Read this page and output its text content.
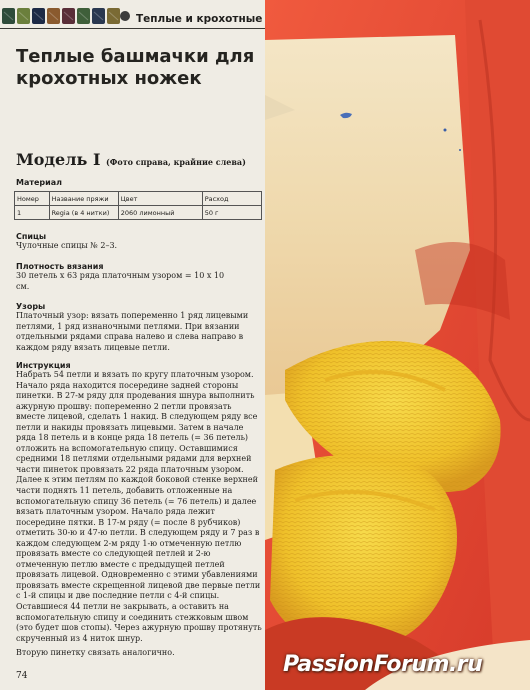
Теплые и крохотные
Теплые башмачки для крохотных ножек

Модель I (Фото справа, крайние слева)

Материал

Номер	Название пряжи	Цвет	Расход
1	Regia (в 4 нитки)	2060 лимонный	50 г

Спицы

Чулочные спицы № 2–3.

Плотность вязания

30 петель х 63 ряда платочным узором = 10 х 10 см.

Узоры

Платочный узор: вязать попеременно 1 ряд лицевыми петлями, 1 ряд изнаночными петлями. При вязании отдельными рядами справа налево и слева направо в каждом ряду вязать лицевые петли.

Инструкция

Набрать 54 петли и вязать по кругу платочным узором. Начало ряда находится посередине задней стороны пинетки. В 27-м ряду для продевания шнура выполнить ажурную прошву: попеременно 2 петли провязать вместе лицевой, сделать 1 накид. В следующем ряду все петли и накиды провязать лицевыми. Затем в начале ряда 18 петель и в конце ряда 18 петель (= 36 петель) отложить на вспомогательную спицу. Оставшимися средними 18 петлями отдельными рядами для верхней части пинеток провязать 22 ряда платочным узором. Далее к этим петлям по каждой боковой стенке верхней части поднять 11 петель, добавить отложенные на вспомогательную спицу 36 петель (= 76 петель) и далее вязать платочным узором. Начало ряда лежит посередине пятки. В 17-м ряду (= после 8 рубчиков) отметить 30-ю и 47-ю петли. В следующем ряду и 7 раз в каждом следующем 2-м ряду 1-ю отмеченную петлю провязать вместе со следующей петлей и 2-ю отмеченную петлю вместе с предыдущей петлей провязать лицевой. Одновременно с этими убавлениями провязать вместе скрещенной лицевой две первые петли с 1-й спицы и две последние петли с 4-й спицы. Оставшиеся 44 петли не закрывать, а оставить на вспомогательную спицу и соединить стежковым швом (это будет шов стопы). Через ажурную прошву протянуть скрученный из 4 ниток шнур.

Вторую пинетку связать аналогично.

74	PassionForum.ru
